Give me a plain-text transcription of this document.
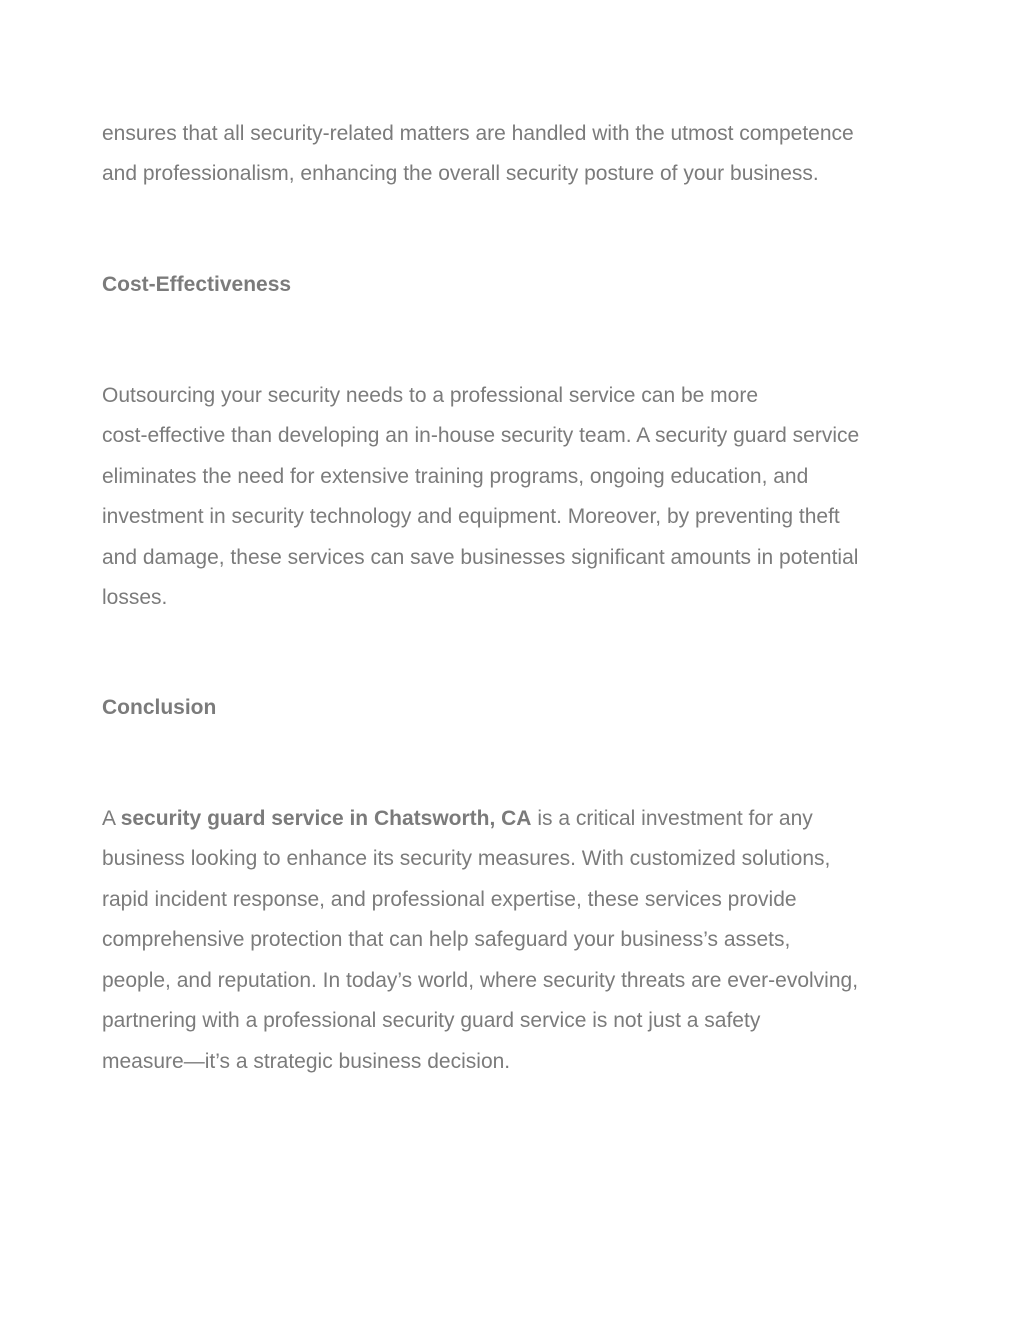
ensures that all security-related matters are handled with the utmost competence
and professionalism, enhancing the overall security posture of your business.
Cost-Effectiveness
Outsourcing your security needs to a professional service can be more
cost-effective than developing an in-house security team. A security guard service
eliminates the need for extensive training programs, ongoing education, and
investment in security technology and equipment. Moreover, by preventing theft
and damage, these services can save businesses significant amounts in potential
losses.
Conclusion
A security guard service in Chatsworth, CA is a critical investment for any
business looking to enhance its security measures. With customized solutions,
rapid incident response, and professional expertise, these services provide
comprehensive protection that can help safeguard your business’s assets,
people, and reputation. In today’s world, where security threats are ever-evolving,
partnering with a professional security guard service is not just a safety
measure—it’s a strategic business decision.
